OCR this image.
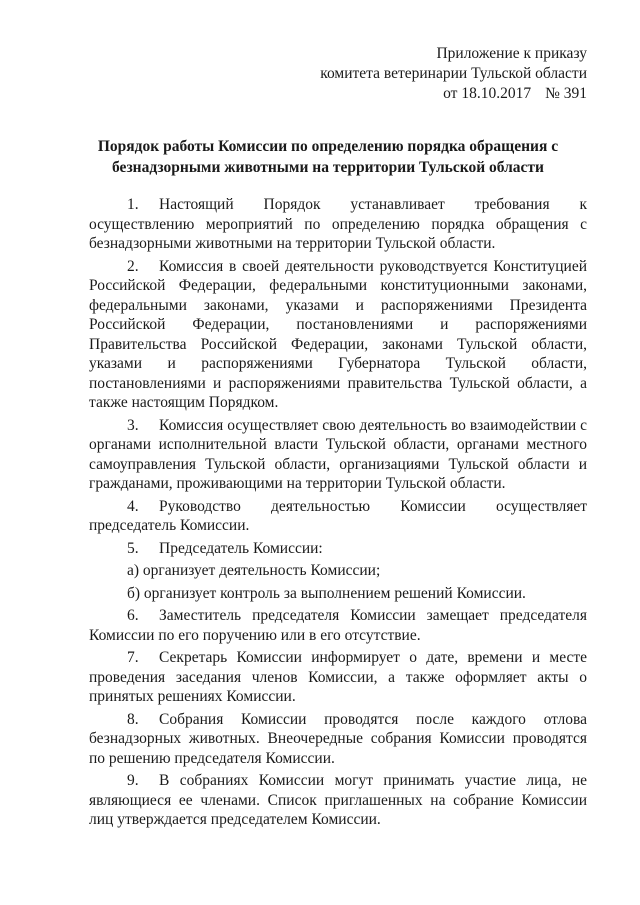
Приложение к приказу
комитета ветеринарии Тульской области
от 18.10.2017 № 391
Порядок работы Комиссии по определению порядка обращения с
безнадзорными животными на территории Тульской области

1. Настоящий Порядок устанавливает требования к осуществлению мероприятий по определению порядка обращения с безнадзорными животными на территории Тульской области.

2. Комиссия в своей деятельности руководствуется Конституцией Российской Федерации, федеральными конституционными законами, федеральными законами, указами и распоряжениями Президента Российской Федерации, постановлениями и распоряжениями Правительства Российской Федерации, законами Тульской области, указами и распоряжениями Губернатора Тульской области, постановлениями и распоряжениями правительства Тульской области, а также настоящим Порядком.

3. Комиссия осуществляет свою деятельность во взаимодействии с органами исполнительной власти Тульской области, органами местного самоуправления Тульской области, организациями Тульской области и гражданами, проживающими на территории Тульской области.

4. Руководство деятельностью Комиссии осуществляет председатель Комиссии.

5. Председатель Комиссии:

а) организует деятельность Комиссии;

б) организует контроль за выполнением решений Комиссии.

6. Заместитель председателя Комиссии замещает председателя Комиссии по его поручению или в его отсутствие.

7. Секретарь Комиссии информирует о дате, времени и месте проведения заседания членов Комиссии, а также оформляет акты о принятых решениях Комиссии.

8. Собрания Комиссии проводятся после каждого отлова безнадзорных животных. Внеочередные собрания Комиссии проводятся по решению председателя Комиссии.

9. В собраниях Комиссии могут принимать участие лица, не являющиеся ее членами. Список приглашенных на собрание Комиссии лиц утверждается председателем Комиссии.
